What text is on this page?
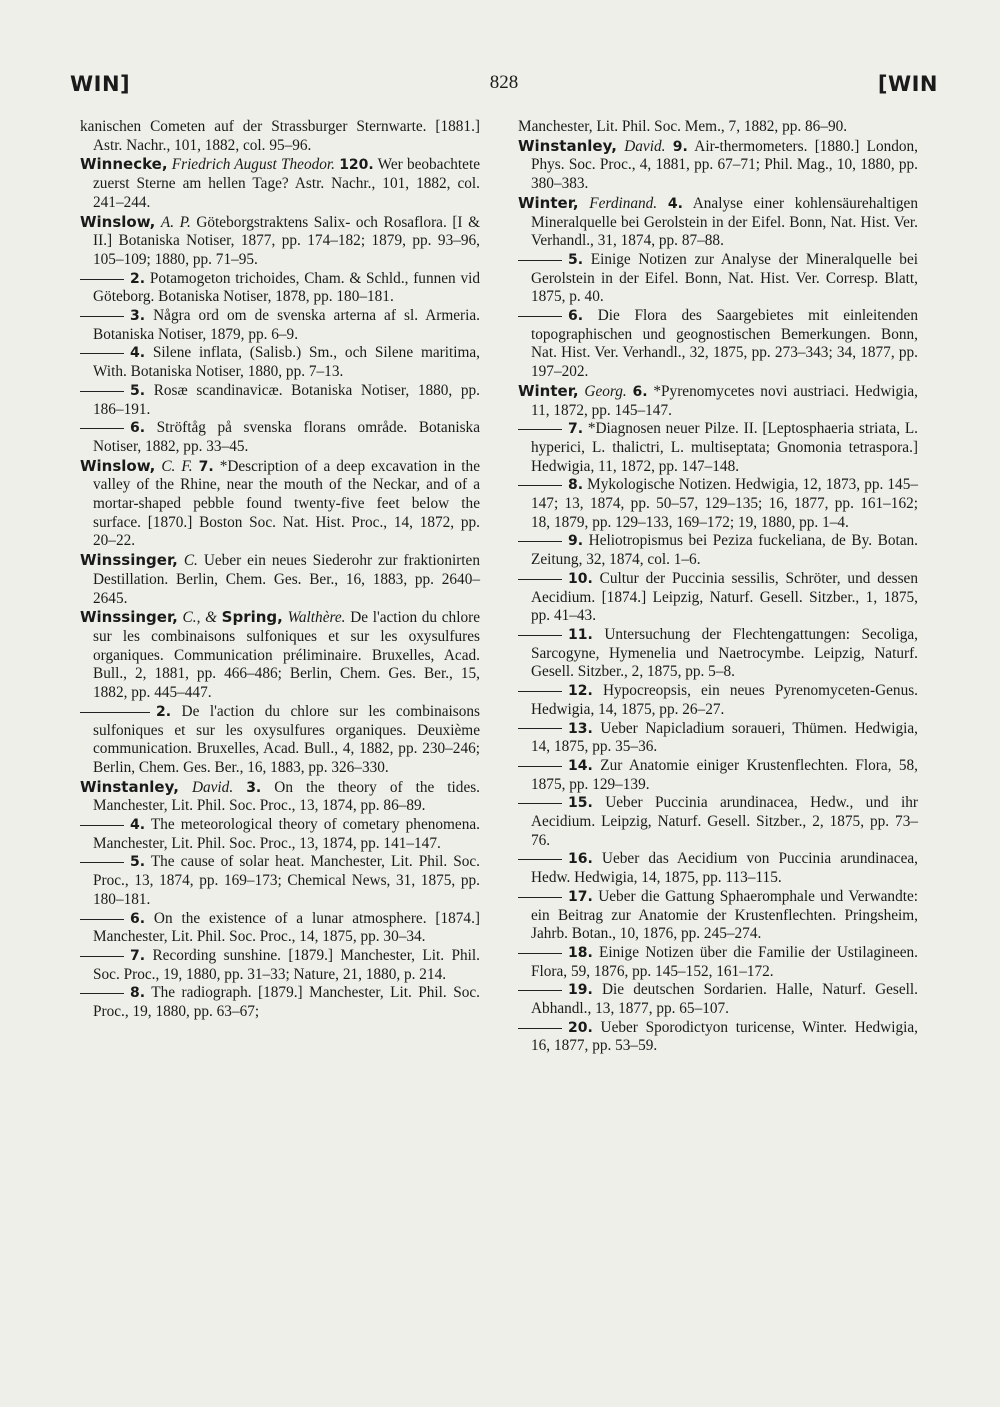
WIN]	828	[WIN

kanischen Cometen auf der Strassburger Sternwarte. [1881.] Astr. Nachr., 101, 1882, col. 95–96.

Winnecke, Friedrich August Theodor. 120. Wer beobachtete zuerst Sterne am hellen Tage? Astr. Nachr., 101, 1882, col. 241–244.

Winslow, A. P. Göteborgstraktens Salix- och Rosaflora. [I & II.] Botaniska Notiser, 1877, pp. 174–182; 1879, pp. 93–96, 105–109; 1880, pp. 71–95.

2. Potamogeton trichoides, Cham. & Schld., funnen vid Göteborg. Botaniska Notiser, 1878, pp. 180–181.

3. Några ord om de svenska arterna af sl. Armeria. Botaniska Notiser, 1879, pp. 6–9.

4. Silene inflata, (Salisb.) Sm., och Silene maritima, With. Botaniska Notiser, 1880, pp. 7–13.

5. Rosæ scandinavicæ. Botaniska Notiser, 1880, pp. 186–191.

6. Ströftåg på svenska florans område. Botaniska Notiser, 1882, pp. 33–45.

Winslow, C. F. 7. *Description of a deep excavation in the valley of the Rhine, near the mouth of the Neckar, and of a mortar-shaped pebble found twenty-five feet below the surface. [1870.] Boston Soc. Nat. Hist. Proc., 14, 1872, pp. 20–22.

Winssinger, C. Ueber ein neues Siederohr zur fraktionirten Destillation. Berlin, Chem. Ges. Ber., 16, 1883, pp. 2640–2645.

Winssinger, C., & Spring, Walthère. De l'action du chlore sur les combinaisons sulfoniques et sur les oxysulfures organiques. Communication préliminaire. Bruxelles, Acad. Bull., 2, 1881, pp. 466–486; Berlin, Chem. Ges. Ber., 15, 1882, pp. 445–447.

2. De l'action du chlore sur les combinaisons sulfoniques et sur les oxysulfures organiques. Deuxième communication. Bruxelles, Acad. Bull., 4, 1882, pp. 230–246; Berlin, Chem. Ges. Ber., 16, 1883, pp. 326–330.

Winstanley, David. 3. On the theory of the tides. Manchester, Lit. Phil. Soc. Proc., 13, 1874, pp. 86–89.

4. The meteorological theory of cometary phenomena. Manchester, Lit. Phil. Soc. Proc., 13, 1874, pp. 141–147.

5. The cause of solar heat. Manchester, Lit. Phil. Soc. Proc., 13, 1874, pp. 169–173; Chemical News, 31, 1875, pp. 180–181.

6. On the existence of a lunar atmosphere. [1874.] Manchester, Lit. Phil. Soc. Proc., 14, 1875, pp. 30–34.

7. Recording sunshine. [1879.] Manchester, Lit. Phil. Soc. Proc., 19, 1880, pp. 31–33; Nature, 21, 1880, p. 214.

8. The radiograph. [1879.] Manchester, Lit. Phil. Soc. Proc., 19, 1880, pp. 63–67;

Manchester, Lit. Phil. Soc. Mem., 7, 1882, pp. 86–90.

Winstanley, David. 9. Air-thermometers. [1880.] London, Phys. Soc. Proc., 4, 1881, pp. 67–71; Phil. Mag., 10, 1880, pp. 380–383.

Winter, Ferdinand. 4. Analyse einer kohlensäurehaltigen Mineralquelle bei Gerolstein in der Eifel. Bonn, Nat. Hist. Ver. Verhandl., 31, 1874, pp. 87–88.

5. Einige Notizen zur Analyse der Mineralquelle bei Gerolstein in der Eifel. Bonn, Nat. Hist. Ver. Corresp. Blatt, 1875, p. 40.

6. Die Flora des Saargebietes mit einleitenden topographischen und geognostischen Bemerkungen. Bonn, Nat. Hist. Ver. Verhandl., 32, 1875, pp. 273–343; 34, 1877, pp. 197–202.

Winter, Georg. 6. *Pyrenomycetes novi austriaci. Hedwigia, 11, 1872, pp. 145–147.

7. *Diagnosen neuer Pilze. II. [Leptosphaeria striata, L. hyperici, L. thalictri, L. multiseptata; Gnomonia tetraspora.] Hedwigia, 11, 1872, pp. 147–148.

8. Mykologische Notizen. Hedwigia, 12, 1873, pp. 145–147; 13, 1874, pp. 50–57, 129–135; 16, 1877, pp. 161–162; 18, 1879, pp. 129–133, 169–172; 19, 1880, pp. 1–4.

9. Heliotropismus bei Peziza fuckeliana, de By. Botan. Zeitung, 32, 1874, col. 1–6.

10. Cultur der Puccinia sessilis, Schröter, und dessen Aecidium. [1874.] Leipzig, Naturf. Gesell. Sitzber., 1, 1875, pp. 41–43.

11. Untersuchung der Flechtengattungen: Secoliga, Sarcogyne, Hymenelia und Naetrocymbe. Leipzig, Naturf. Gesell. Sitzber., 2, 1875, pp. 5–8.

12. Hypocreopsis, ein neues Pyrenomyceten-Genus. Hedwigia, 14, 1875, pp. 26–27.

13. Ueber Napicladium soraueri, Thümen. Hedwigia, 14, 1875, pp. 35–36.

14. Zur Anatomie einiger Krustenflechten. Flora, 58, 1875, pp. 129–139.

15. Ueber Puccinia arundinacea, Hedw., und ihr Aecidium. Leipzig, Naturf. Gesell. Sitzber., 2, 1875, pp. 73–76.

16. Ueber das Aecidium von Puccinia arundinacea, Hedw. Hedwigia, 14, 1875, pp. 113–115.

17. Ueber die Gattung Sphaeromphale und Verwandte: ein Beitrag zur Anatomie der Krustenflechten. Pringsheim, Jahrb. Botan., 10, 1876, pp. 245–274.

18. Einige Notizen über die Familie der Ustilagineen. Flora, 59, 1876, pp. 145–152, 161–172.

19. Die deutschen Sordarien. Halle, Naturf. Gesell. Abhandl., 13, 1877, pp. 65–107.

20. Ueber Sporodictyon turicense, Winter. Hedwigia, 16, 1877, pp. 53–59.
